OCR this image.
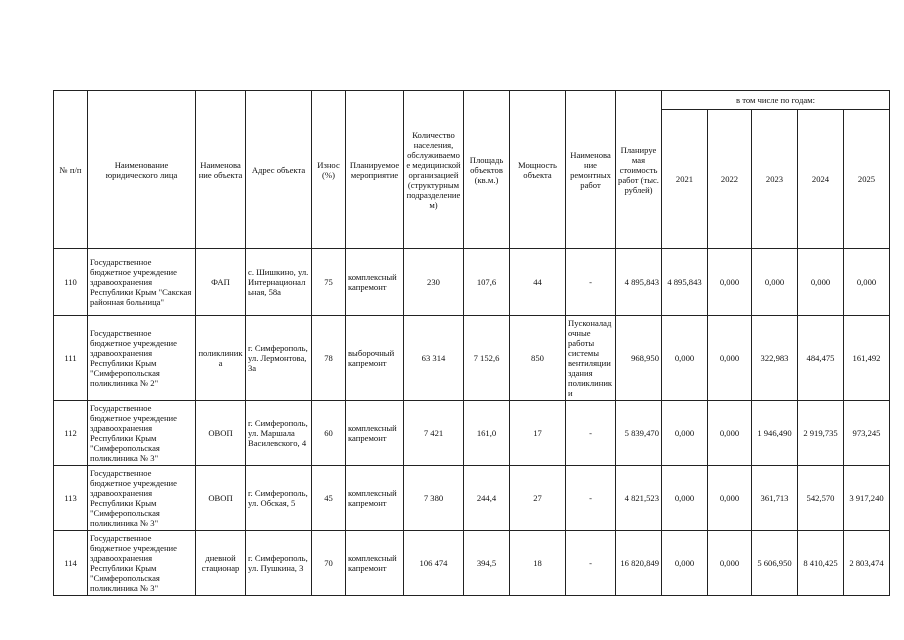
№ п/п	Наименование юридического лица	Наименование объекта	Адрес объекта	Износ (%)	Планируемое мероприятие	Количество населения, обслуживаемое медицинской организацией (структурным подразделением)	Площадь объектов (кв.м.)	Мощность объекта	Наименование ремонтных работ	Планируемая стоимость работ (тыс. рублей)	в том числе по годам:				
											2021	2022	2023	2024	2025
110	Государственное бюджетное учреждение здравоохранения Республики Крым "Сакская районная больница"	ФАП	с. Шишкино, ул. Интернациональная, 58а	75	комплексный капремонт	230	107,6	44	-	4 895,843	4 895,843	0,000	0,000	0,000	0,000
111	Государственное бюджетное учреждение здравоохранения Республики Крым "Симферопольская поликлиника № 2"	поликлиника	г. Симферополь, ул. Лермонтова, 3а	78	выборочный капремонт	63 314	7 152,6	850	Пусконаладочные работы системы вентиляции здания поликлиники	968,950	0,000	0,000	322,983	484,475	161,492
112	Государственное бюджетное учреждение здравоохранения Республики Крым "Симферопольская поликлиника № 3"	ОВОП	г. Симферополь, ул. Маршала Василевского, 4	60	комплексный капремонт	7 421	161,0	17	-	5 839,470	0,000	0,000	1 946,490	2 919,735	973,245
113	Государственное бюджетное учреждение здравоохранения Республики Крым "Симферопольская поликлиника № 3"	ОВОП	г. Симферополь, ул. Обская, 5	45	комплексный капремонт	7 380	244,4	27	-	4 821,523	0,000	0,000	361,713	542,570	3 917,240
114	Государственное бюджетное учреждение здравоохранения Республики Крым "Симферопольская поликлиника № 3"	дневной стационар	г. Симферополь, ул. Пушкина, 3	70	комплексный капремонт	106 474	394,5	18	-	16 820,849	0,000	0,000	5 606,950	8 410,425	2 803,474
